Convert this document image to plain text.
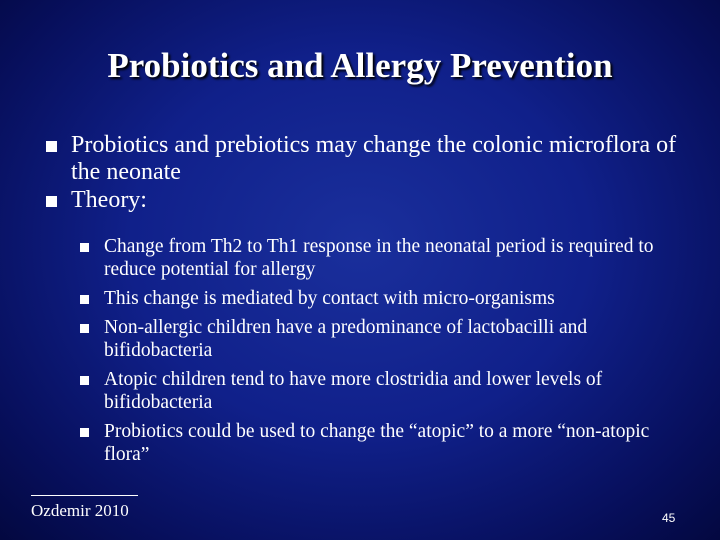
Probiotics and Allergy Prevention
Probiotics and prebiotics may change the colonic microflora of the neonate
Theory:
Change from Th2 to Th1 response in the neonatal period is required to reduce potential for allergy
This change is mediated by contact with micro-organisms
Non-allergic children have a predominance of lactobacilli and bifidobacteria
Atopic children tend to have more clostridia and lower levels of bifidobacteria
Probiotics could be used to change the “atopic” to a more “non-atopic flora”
Ozdemir 2010	45
